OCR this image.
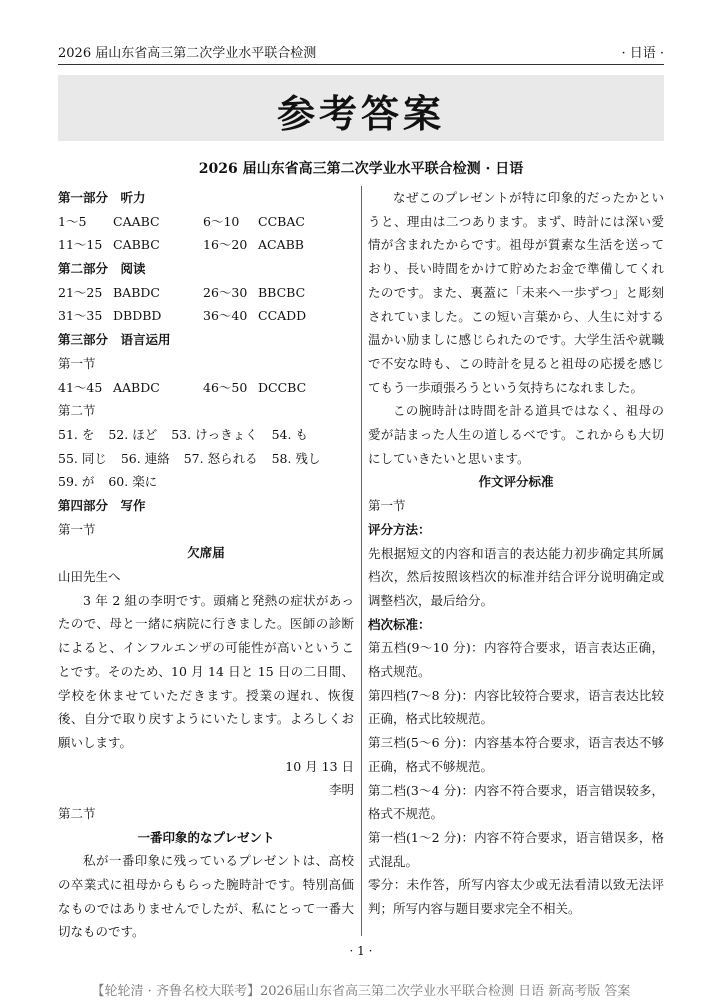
2026 届山东省高三第二次学业水平联合检测	· 日语 ·
参考答案
2026 届山东省高三第二次学业水平联合检测 · 日语
第一部分　听力
1～5 CAABC	6～10 CCBAC
11～15 CABBC	16～20 ACABB
第二部分　阅读
21～25 BABDC	26～30 BBCBC
31～35 DBDBD	36～40 CCADD
第三部分　语言运用
第一节
41～45 AABDC	46～50 DCCBC
第二节
51. を 52. ほど 53. けっきょく 54. も
55. 同じ 56. 連絡 57. 怒られる 58. 残し
59. が 60. 楽に
第四部分　写作
第一节
欠席届
山田先生へ
3 年 2 組の李明です。頭痛と発熱の症状があったので、母と一緒に病院に行きました。医師の診断によると、インフルエンザの可能性が高いということです。そのため、10 月 14 日と 15 日の二日間、学校を休ませていただきます。授業の遅れ、恢復後、自分で取り戻すようにいたします。よろしくお願いします。
10 月 13 日
李明
第二节
一番印象的なプレゼント
私が一番印象に残っているプレゼントは、高校の卒業式に祖母からもらった腕時計です。特別高価なものではありませんでしたが、私にとって一番大切なものです。
なぜこのプレゼントが特に印象的だったかというと、理由は二つあります。まず、時計には深い愛情が含まれたからです。祖母が質素な生活を送っており、長い時間をかけて貯めたお金で準備してくれたのです。また、裏蓋に「未来へ一歩ずつ」と彫刻されていました。この短い言葉から、人生に対する温かい励ましに感じられたのです。大学生活や就職で不安な時も、この時計を見ると祖母の応援を感じてもう一歩頑張ろうという気持ちになれました。
この腕時計は時間を計る道具ではなく、祖母の愛が詰まった人生の道しるべです。これからも大切にしていきたいと思います。
作文评分标准
第一节
评分方法：
先根据短文的内容和语言的表达能力初步确定其所属档次，然后按照该档次的标准并结合评分说明确定或调整档次，最后给分。
档次标准：
第五档(9～10 分)：内容符合要求，语言表达正确，格式规范。
第四档(7～8 分)：内容比较符合要求，语言表达比较正确，格式比较规范。
第三档(5～6 分)：内容基本符合要求，语言表达不够正确，格式不够规范。
第二档(3～4 分)：内容不符合要求，语言错误较多，格式不规范。
第一档(1～2 分)：内容不符合要求，语言错误多，格式混乱。
零分：未作答，所写内容太少或无法看清以致无法评判；所写内容与题目要求完全不相关。
· 1 ·
【轮轮清 · 齐鲁名校大联考】2026届山东省高三第二次学业水平联合检测 日语 新高考版 答案
